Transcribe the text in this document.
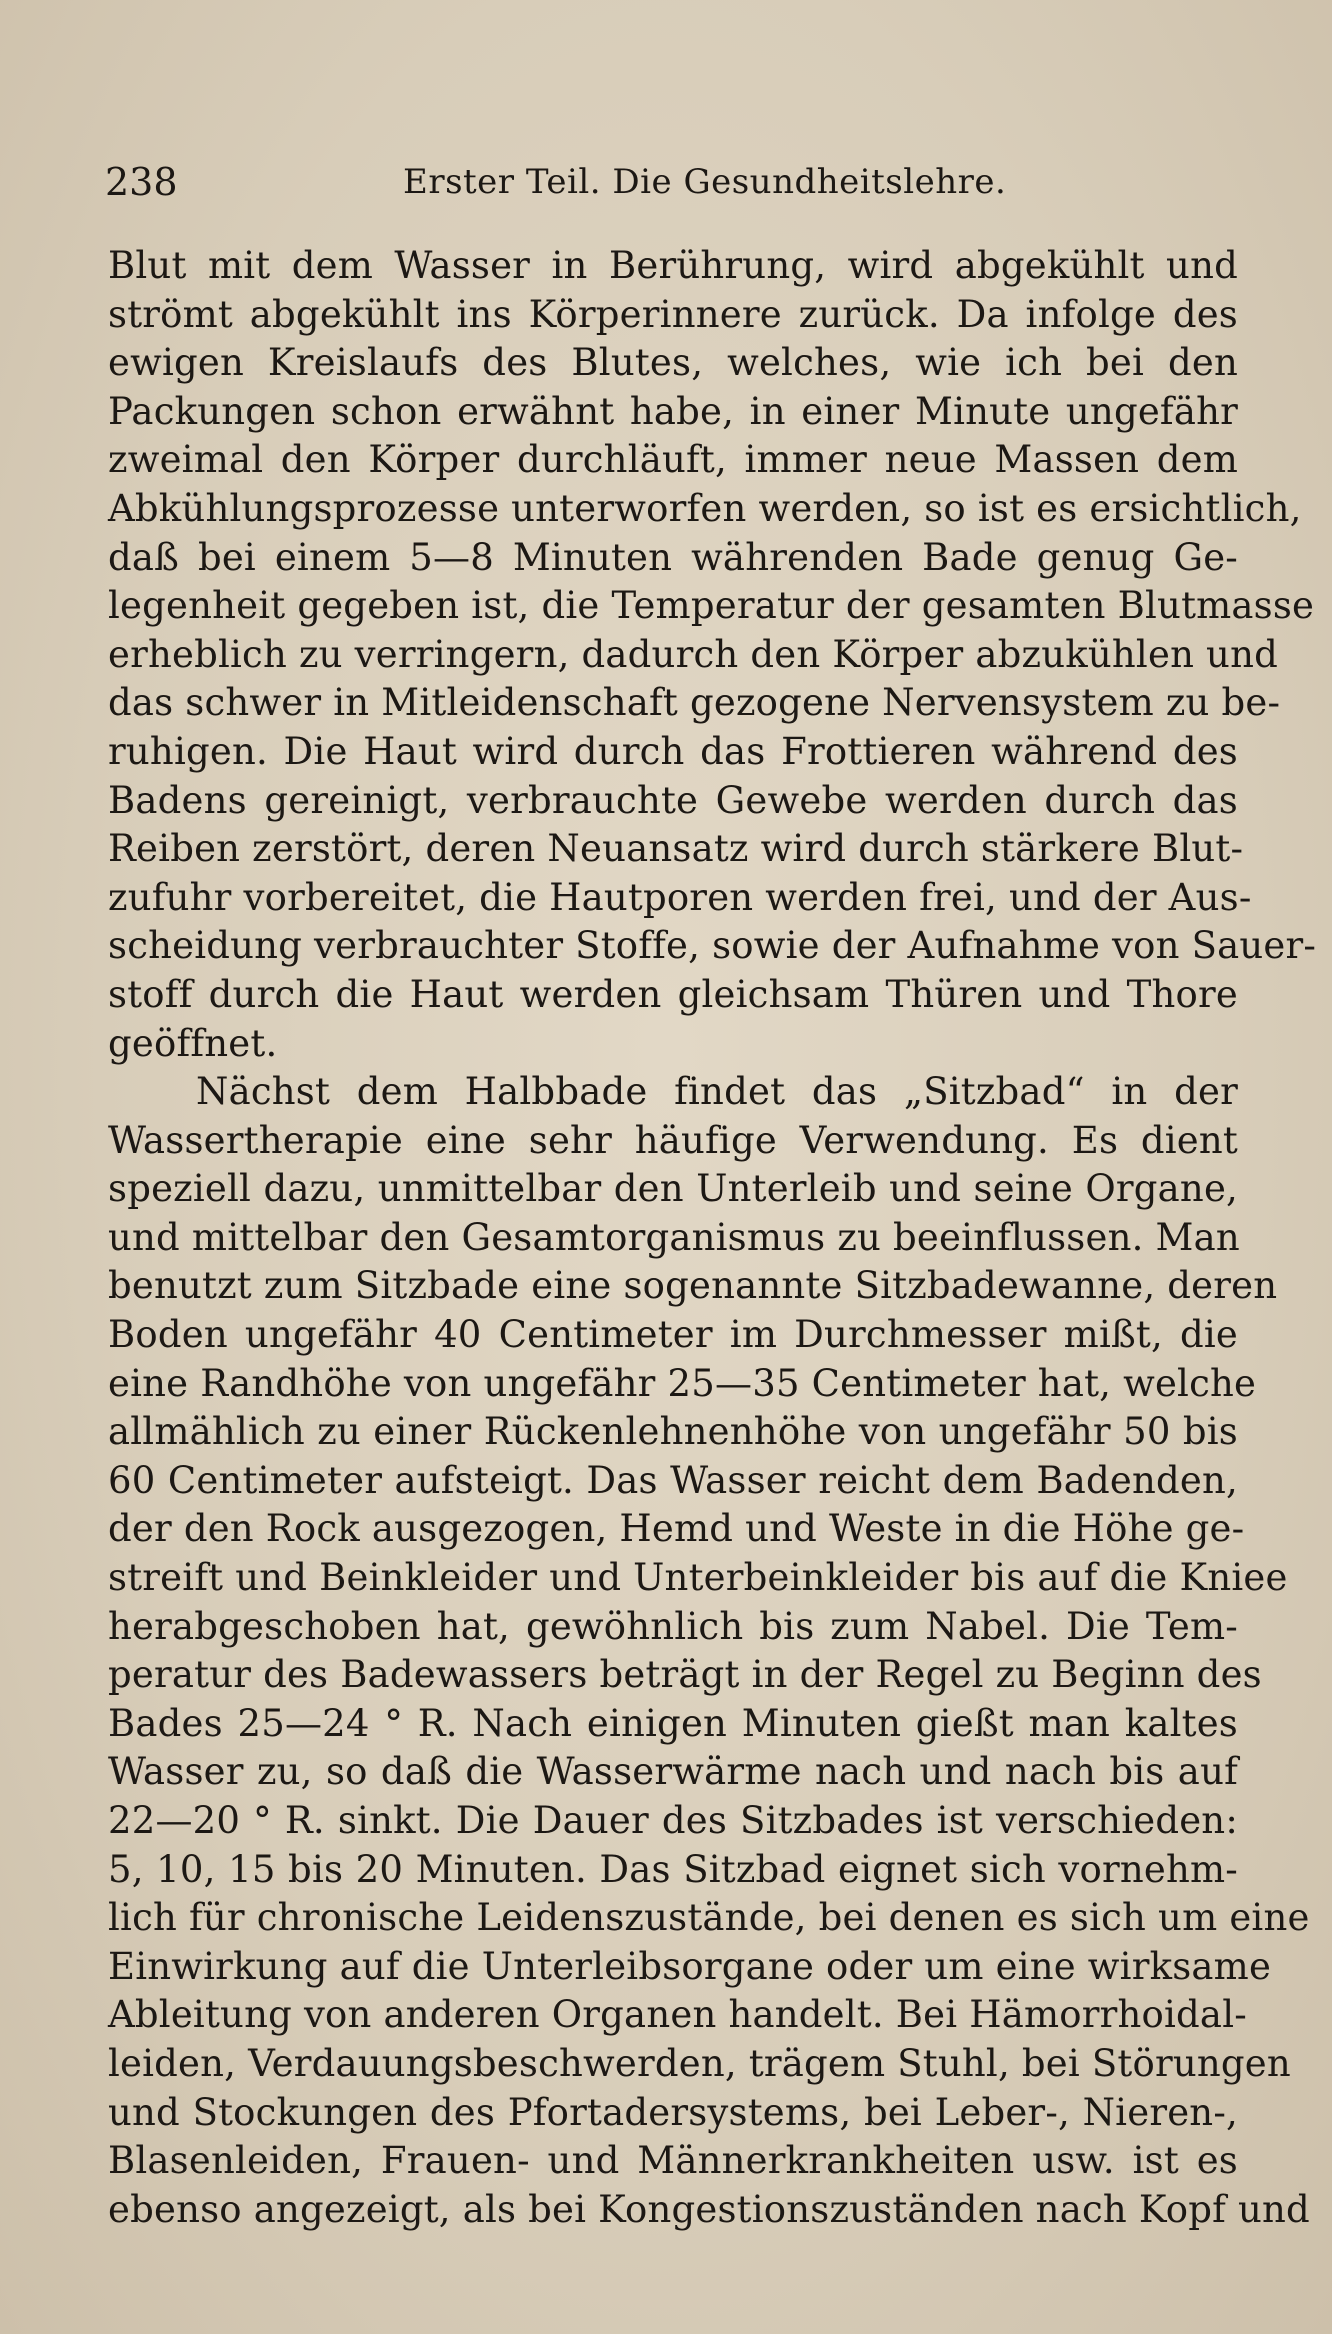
238	Erster Teil. Die Gesundheitslehre.
Blut mit dem Wasser in Berührung, wird abgekühlt und
strömt abgekühlt ins Körperinnere zurück. Da infolge des
ewigen Kreislaufs des Blutes, welches, wie ich bei den
Packungen schon erwähnt habe, in einer Minute ungefähr
zweimal den Körper durchläuft, immer neue Massen dem
Abkühlungsprozesse unterworfen werden, so ist es ersichtlich,
daß bei einem 5—8 Minuten währenden Bade genug Ge-
legenheit gegeben ist, die Temperatur der gesamten Blutmasse
erheblich zu verringern, dadurch den Körper abzukühlen und
das schwer in Mitleidenschaft gezogene Nervensystem zu be-
ruhigen. Die Haut wird durch das Frottieren während des
Badens gereinigt, verbrauchte Gewebe werden durch das
Reiben zerstört, deren Neuansatz wird durch stärkere Blut-
zufuhr vorbereitet, die Hautporen werden frei, und der Aus-
scheidung verbrauchter Stoffe, sowie der Aufnahme von Sauer-
stoff durch die Haut werden gleichsam Thüren und Thore
geöffnet.
Nächst dem Halbbade findet das „Sitzbad“ in der
Wassertherapie eine sehr häufige Verwendung. Es dient
speziell dazu, unmittelbar den Unterleib und seine Organe,
und mittelbar den Gesamtorganismus zu beeinflussen. Man
benutzt zum Sitzbade eine sogenannte Sitzbadewanne, deren
Boden ungefähr 40 Centimeter im Durchmesser mißt, die
eine Randhöhe von ungefähr 25—35 Centimeter hat, welche
allmählich zu einer Rückenlehnenhöhe von ungefähr 50 bis
60 Centimeter aufsteigt. Das Wasser reicht dem Badenden,
der den Rock ausgezogen, Hemd und Weste in die Höhe ge-
streift und Beinkleider und Unterbeinkleider bis auf die Kniee
herabgeschoben hat, gewöhnlich bis zum Nabel. Die Tem-
peratur des Badewassers beträgt in der Regel zu Beginn des
Bades 25—24 ° R. Nach einigen Minuten gießt man kaltes
Wasser zu, so daß die Wasserwärme nach und nach bis auf
22—20 ° R. sinkt. Die Dauer des Sitzbades ist verschieden:
5, 10, 15 bis 20 Minuten. Das Sitzbad eignet sich vornehm-
lich für chronische Leidenszustände, bei denen es sich um eine
Einwirkung auf die Unterleibsorgane oder um eine wirksame
Ableitung von anderen Organen handelt. Bei Hämorrhoidal-
leiden, Verdauungsbeschwerden, trägem Stuhl, bei Störungen
und Stockungen des Pfortadersystems, bei Leber-, Nieren-,
Blasenleiden, Frauen- und Männerkrankheiten usw. ist es
ebenso angezeigt, als bei Kongestionszuständen nach Kopf und
